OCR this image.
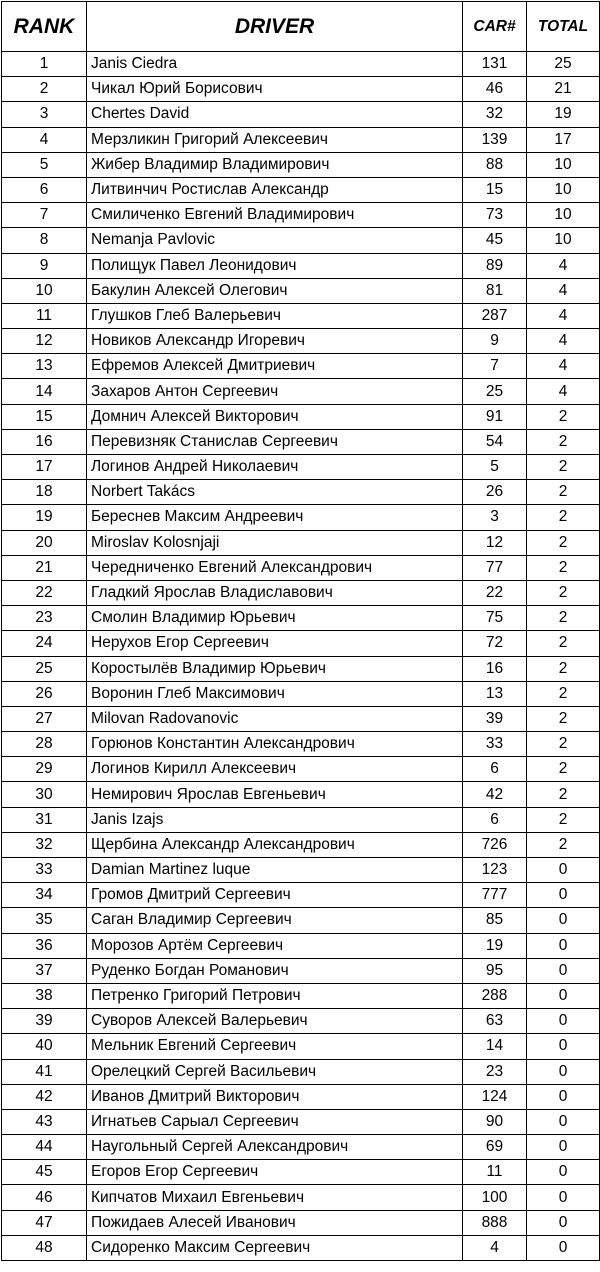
RANK	DRIVER	CAR#	TOTAL
1	Janis Ciedra	131	25
2	Чикал Юрий Борисович	46	21
3	Chertes David	32	19
4	Мерзликин Григорий Алексеевич	139	17
5	Жибер Владимир Владимирович	88	10
6	Литвинчич Ростислав Александр	15	10
7	Смиличенко Евгений Владимирович	73	10
8	Nemanja Pavlovic	45	10
9	Полищук Павел Леонидович	89	4
10	Бакулин Алексей Олегович	81	4
11	Глушков Глеб Валерьевич	287	4
12	Новиков Александр Игоревич	9	4
13	Ефремов Алексей Дмитриевич	7	4
14	Захаров Антон Сергеевич	25	4
15	Домнич Алексей Викторович	91	2
16	Перевизняк Станислав Сергеевич	54	2
17	Логинов Андрей Николаевич	5	2
18	Norbert Takács	26	2
19	Береснев Максим Андреевич	3	2
20	Miroslav Kolosnjaji	12	2
21	Чередниченко Евгений Александрович	77	2
22	Гладкий Ярослав Владиславович	22	2
23	Смолин Владимир Юрьевич	75	2
24	Нерухов Егор Сергеевич	72	2
25	Коростылёв Владимир Юрьевич	16	2
26	Воронин Глеб Максимович	13	2
27	Milovan Radovanovic	39	2
28	Горюнов Константин Александрович	33	2
29	Логинов Кирилл Алексеевич	6	2
30	Немирович Ярослав Евгеньевич	42	2
31	Janis Izajs	6	2
32	Щербина Александр Александрович	726	2
33	Damian Martinez luque	123	0
34	Громов Дмитрий Сергеевич	777	0
35	Саган Владимир Сергеевич	85	0
36	Морозов Артём Сергеевич	19	0
37	Руденко Богдан Романович	95	0
38	Петренко Григорий Петрович	288	0
39	Суворов Алексей Валерьевич	63	0
40	Мельник Евгений Сергеевич	14	0
41	Орелецкий Сергей Васильевич	23	0
42	Иванов Дмитрий Викторович	124	0
43	Игнатьев Сарыал Сергеевич	90	0
44	Наугольный Сергей Александрович	69	0
45	Егоров Егор Сергеевич	11	0
46	Кипчатов Михаил Евгеньевич	100	0
47	Пожидаев Алесей Иванович	888	0
48	Сидоренко Максим Сергеевич	4	0
